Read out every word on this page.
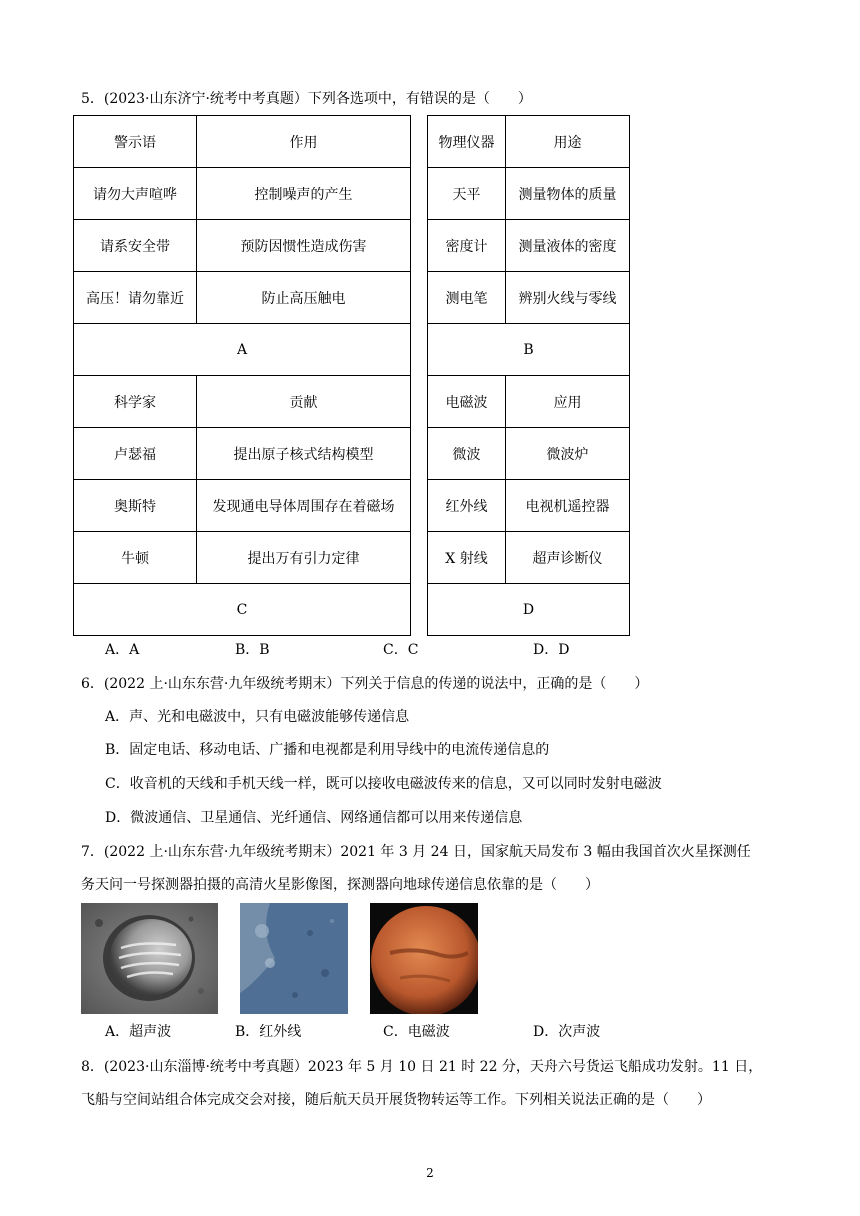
5．(2023·山东济宁·统考中考真题）下列各选项中，有错误的是（　　）
警示语	作用		物理仪器	用途
请勿大声喧哗	控制噪声的产生		天平	测量物体的质量
请系安全带	预防因惯性造成伤害		密度计	测量液体的密度
高压！请勿靠近	防止高压触电		测电笔	辨别火线与零线
A			B	
科学家	贡献		电磁波	应用
卢瑟福	提出原子核式结构模型		微波	微波炉
奥斯特	发现通电导体周围存在着磁场		红外线	电视机遥控器
牛顿	提出万有引力定律		X 射线	超声诊断仪
C			D	
A．A	B．B	C．C	D．D
6．(2022 上·山东东营·九年级统考期末）下列关于信息的传递的说法中，正确的是（　　）
A．声、光和电磁波中，只有电磁波能够传递信息
B．固定电话、移动电话、广播和电视都是利用导线中的电流传递信息的
C．收音机的天线和手机天线一样，既可以接收电磁波传来的信息，又可以同时发射电磁波
D．微波通信、卫星通信、光纤通信、网络通信都可以用来传递信息
7．(2022 上·山东东营·九年级统考期末）2021 年 3 月 24 日，国家航天局发布 3 幅由我国首次火星探测任
务天问一号探测器拍摄的高清火星影像图，探测器向地球传递信息依靠的是（　　）
A．超声波	B．红外线	C．电磁波	D．次声波
8．(2023·山东淄博·统考中考真题）2023 年 5 月 10 日 21 时 22 分，天舟六号货运飞船成功发射。11 日，
飞船与空间站组合体完成交会对接，随后航天员开展货物转运等工作。下列相关说法正确的是（　　）
2
